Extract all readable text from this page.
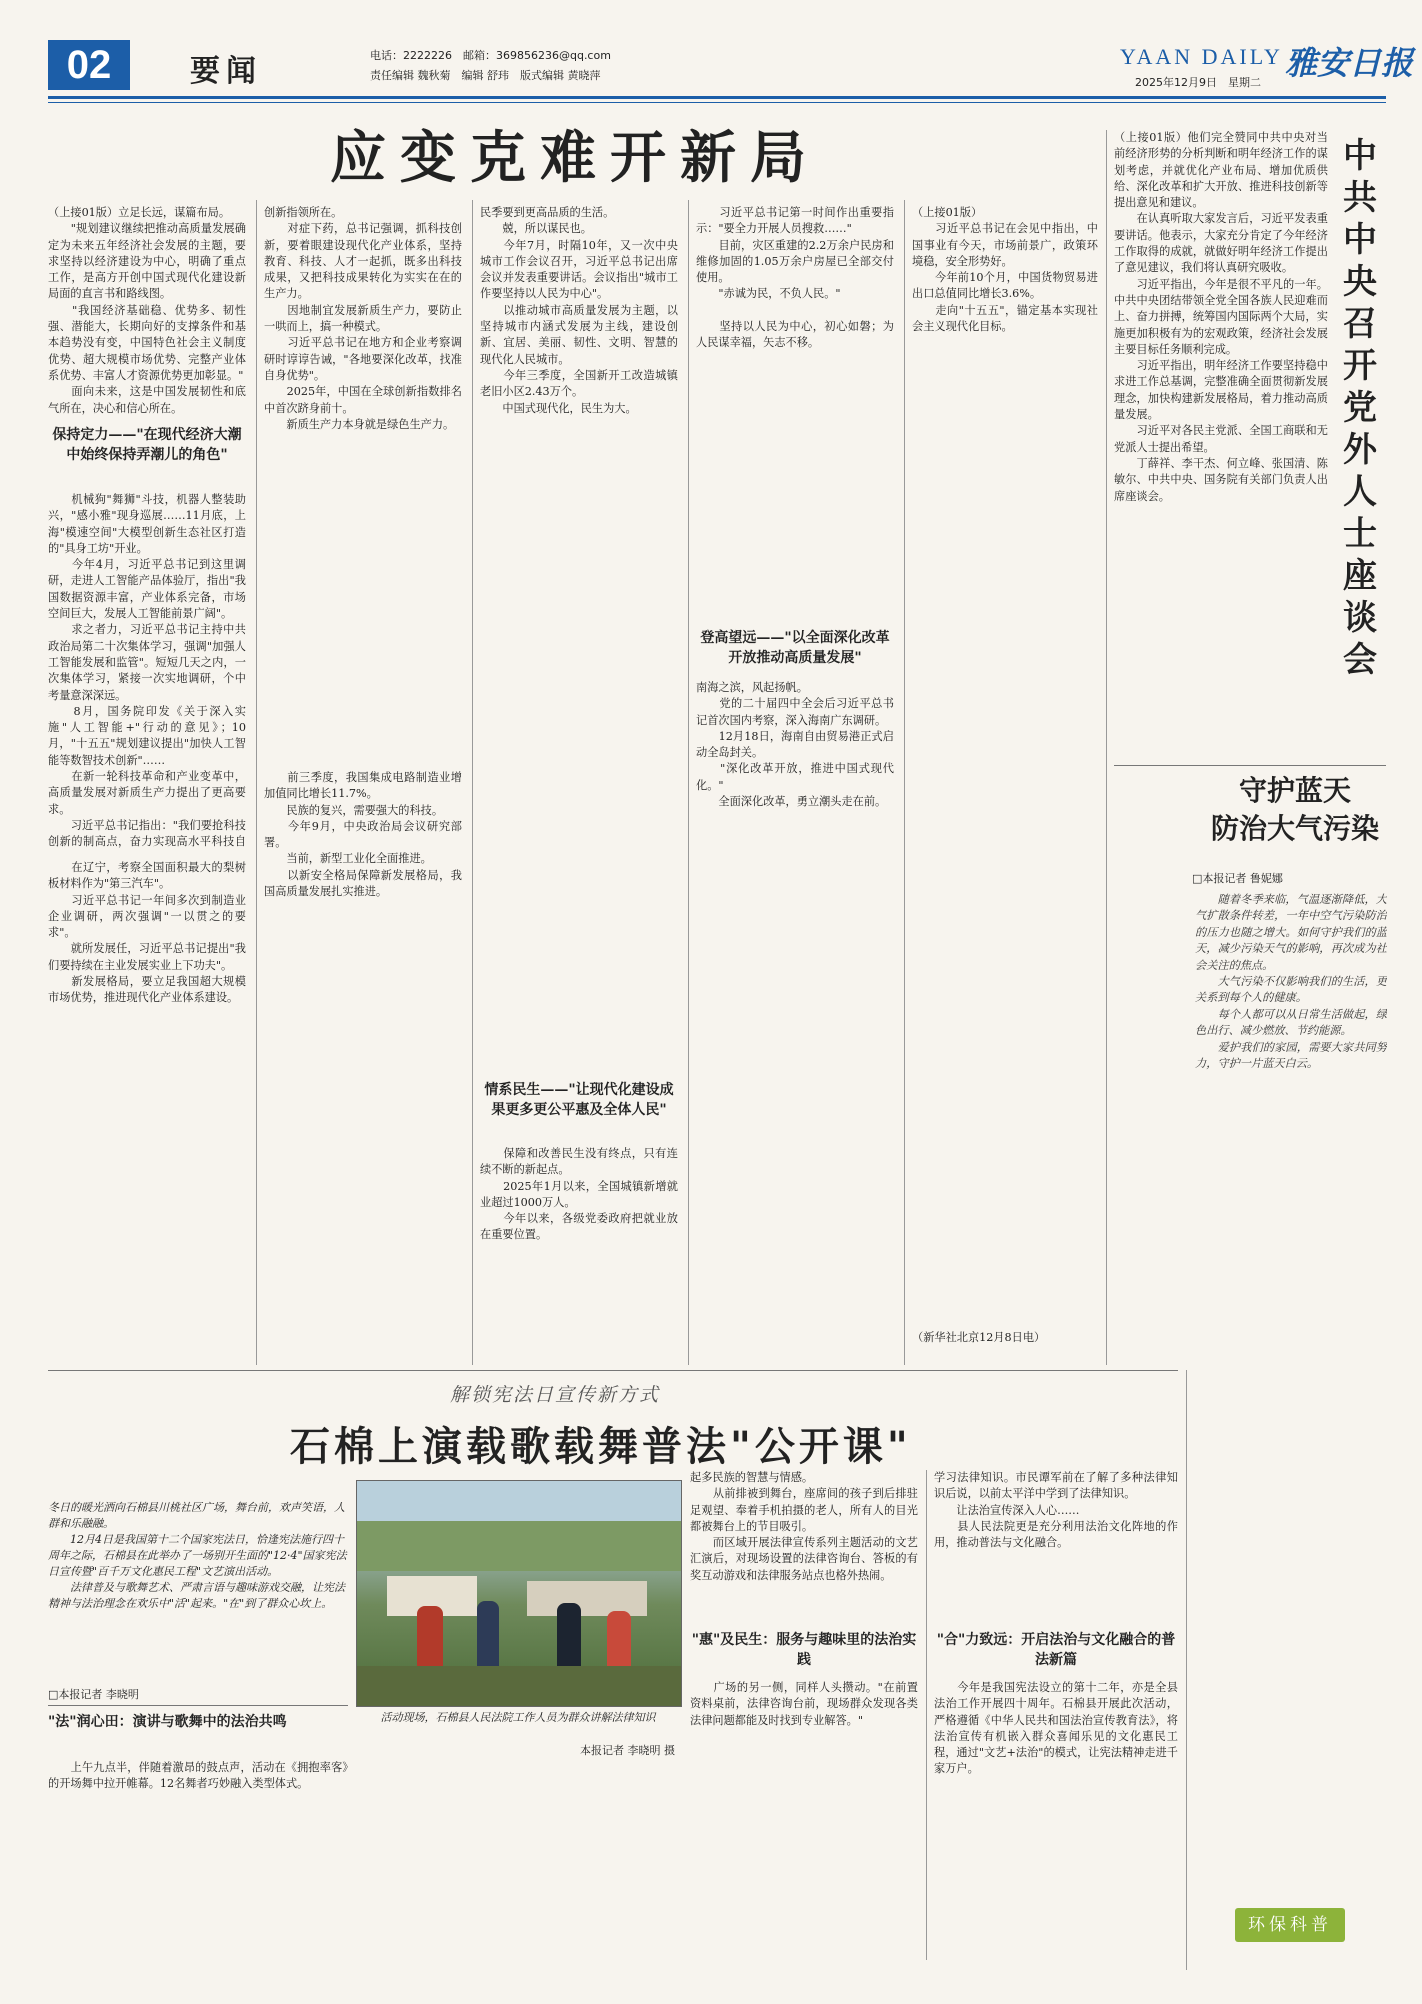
02	要闻	电话：2222226　邮箱：369856236@qq.com
责任编辑 魏秋菊　编辑 舒玮　版式编辑 黄晓萍
YAAN DAILY 雅安日报
2025年12月9日　星期二
应变克难开新局
（上接01版）立足长远，谋篇布局。
　　"规划建议继续把推动高质量发展确定为未来五年经济社会发展的主题，要求坚持以经济建设为中心，明确了重点工作，是高方开创中国式现代化建设新局面的直言书和路线图。
　　"我国经济基础稳、优势多、韧性强、潜能大，长期向好的支撑条件和基本趋势没有变，中国特色社会主义制度优势、超大规模市场优势、完整产业体系优势、丰富人才资源优势更加彰显。"
　　面向未来，这是中国发展韧性和底气所在，决心和信心所在。
保持定力——"在现代经济大潮中始终保持弄潮儿的角色"
　　机械狗"舞狮"斗技，机器人整装助兴，"感小雅"现身巡展……11月底，上海"模速空间"大模型创新生态社区打造的"具身工坊"开业。
　　今年4月，习近平总书记到这里调研，走进人工智能产品体验厅，指出"我国数据资源丰富，产业体系完备，市场空间巨大，发展人工智能前景广阔"。
　　求之者力，习近平总书记主持中共政治局第二十次集体学习，强调"加强人工智能发展和监管"。短短几天之内，一次集体学习，紧接一次实地调研，个中考量意深深远。
　　8月，国务院印发《关于深入实施"人工智能+"行动的意见》；10月，"十五五"规划建议提出"加快人工智能等数智技术创新"……
　　在新一轮科技革命和产业变革中，高质量发展对新质生产力提出了更高要求。
　　习近平总书记指出："我们要抢科技创新的制高点，奋力实现高水平科技自

　　在辽宁，考察全国面积最大的梨树板材料作为"第三汽车"。
　　习近平总书记一年间多次到制造业企业调研，两次强调"一以贯之的要求"。
　　就所发展任，习近平总书记提出"我们要持续在主业发展实业上下功夫"。
　　新发展格局，要立足我国超大规模市场优势，推进现代化产业体系建设。
创新指领所在。
　　对症下药，总书记强调，抓科技创新，要着眼建设现代化产业体系，坚持教育、科技、人才一起抓，既多出科技成果，又把科技成果转化为实实在在的生产力。
　　因地制宜发展新质生产力，要防止一哄而上，搞一种模式。
　　习近平总书记在地方和企业考察调研时谆谆告诫，"各地要深化改革，找准自身优势"。
　　2025年，中国在全球创新指数排名中首次跻身前十。
　　新质生产力本身就是绿色生产力。
　　前三季度，我国集成电路制造业增加值同比增长11.7%。
　　民族的复兴，需要强大的科技。
　　今年9月，中央政治局会议研究部署。
　　当前，新型工业化全面推进。
　　以新安全格局保障新发展格局，我国高质量发展扎实推进。
民季要到更高品质的生活。
　　兢，所以谋民也。
　　今年7月，时隔10年，又一次中央城市工作会议召开，习近平总书记出席会议并发表重要讲话。会议指出"城市工作要坚持以人民为中心"。
　　以推动城市高质量发展为主题，以坚持城市内涵式发展为主线，建设创新、宜居、美丽、韧性、文明、智慧的现代化人民城市。
　　今年三季度，全国新开工改造城镇老旧小区2.43万个。
　　中国式现代化，民生为大。
情系民生——"让现代化建设成果更多更公平惠及全体人民"
　　保障和改善民生没有终点，只有连续不断的新起点。
　　2025年1月以来，全国城镇新增就业超过1000万人。
　　今年以来，各级党委政府把就业放在重要位置。
　　习近平总书记第一时间作出重要指示："要全力开展人员搜救……"
　　目前，灾区重建的2.2万余户民房和维修加固的1.05万余户房屋已全部交付使用。
　　"赤诚为民，不负人民。"

　　坚持以人民为中心，初心如磐；为人民谋幸福，矢志不移。
登高望远——"以全面深化改革开放推动高质量发展"
南海之滨，风起扬帆。
　　党的二十届四中全会后习近平总书记首次国内考察，深入海南广东调研。
　　12月18日，海南自由贸易港正式启动全岛封关。
　　"深化改革开放，推进中国式现代化。"
　　全面深化改革，勇立潮头走在前。
（上接01版）
　　习近平总书记在会见中指出，中国事业有今天，市场前景广，政策环境稳，安全形势好。
　　今年前10个月，中国货物贸易进出口总值同比增长3.6%。
　　走向"十五五"，锚定基本实现社会主义现代化目标。
（新华社北京12月8日电）
（上接01版）他们完全赞同中共中央对当前经济形势的分析判断和明年经济工作的谋划考虑，并就优化产业布局、增加优质供给、深化改革和扩大开放、推进科技创新等提出意见和建议。
　　在认真听取大家发言后，习近平发表重要讲话。他表示，大家充分肯定了今年经济工作取得的成就，就做好明年经济工作提出了意见建议，我们将认真研究吸收。
　　习近平指出，今年是很不平凡的一年。中共中央团结带领全党全国各族人民迎难而上、奋力拼搏，统筹国内国际两个大局，实施更加积极有为的宏观政策，经济社会发展主要目标任务顺利完成。
　　习近平指出，明年经济工作要坚持稳中求进工作总基调，完整准确全面贯彻新发展理念，加快构建新发展格局，着力推动高质量发展。
　　习近平对各民主党派、全国工商联和无党派人士提出希望。
　　丁薛祥、李干杰、何立峰、张国清、陈敏尔、中共中央、国务院有关部门负责人出席座谈会。
中共中央召开党外人士座谈会
守护蓝天
防治大气污染
□本报记者 鲁妮娜
　　随着冬季来临，气温逐渐降低，大气扩散条件转差，一年中空气污染防治的压力也随之增大。如何守护我们的蓝天，减少污染天气的影响，再次成为社会关注的焦点。
　　大气污染不仅影响我们的生活，更关系到每个人的健康。
　　每个人都可以从日常生活做起，绿色出行、减少燃放、节约能源。
　　爱护我们的家园，需要大家共同努力，守护一片蓝天白云。
环保科普
解锁宪法日宣传新方式
石棉上演载歌载舞普法"公开课"
冬日的暖光洒向石棉县川桃社区广场，舞台前，欢声笑语，人群和乐融融。
　　12月4日是我国第十二个国家宪法日，恰逢宪法施行四十周年之际，石棉县在此举办了一场别开生面的"12·4"国家宪法日宣传暨"百千万文化惠民工程"文艺演出活动。
　　法律普及与歌舞艺术、严肃言语与趣味游戏交融，让宪法精神与法治理念在欢乐中"活"起来。"在"到了群众心坎上。
□本报记者 李晓明
活动现场，石棉县人民法院工作人员为群众讲解法律知识
本报记者 李晓明 摄
"法"润心田：演讲与歌舞中的法治共鸣
　　上午九点半，伴随着激昂的鼓点声，活动在《拥抱率客》的开场舞中拉开帷幕。12名舞者巧妙融入类型体式。
起多民族的智慧与情感。
　　从前排被到舞台，座席间的孩子到后排驻足观望、奉着手机拍摄的老人，所有人的目光都被舞台上的节目吸引。
　　而区域开展法律宣传系列主题活动的文艺汇演后，对现场设置的法律咨询台、答板的有奖互动游戏和法律服务站点也格外热闹。
"惠"及民生：服务与趣味里的法治实践
　　广场的另一侧，同样人头攒动。"在前置资料桌前，法律咨询台前，现场群众发现各类法律问题都能及时找到专业解答。"
学习法律知识。市民谭军前在了解了多种法律知识后说，以前太平洋中学到了法律知识。
　　让法治宣传深入人心……
　　县人民法院更是充分利用法治文化阵地的作用，推动普法与文化融合。
"合"力致远：开启法治与文化融合的普法新篇
　　今年是我国宪法设立的第十二年，亦是全县法治工作开展四十周年。石棉县开展此次活动，严格遵循《中华人民共和国法治宣传教育法》，将法治宣传有机嵌入群众喜闻乐见的文化惠民工程，通过"文艺+法治"的模式，让宪法精神走进千家万户。
